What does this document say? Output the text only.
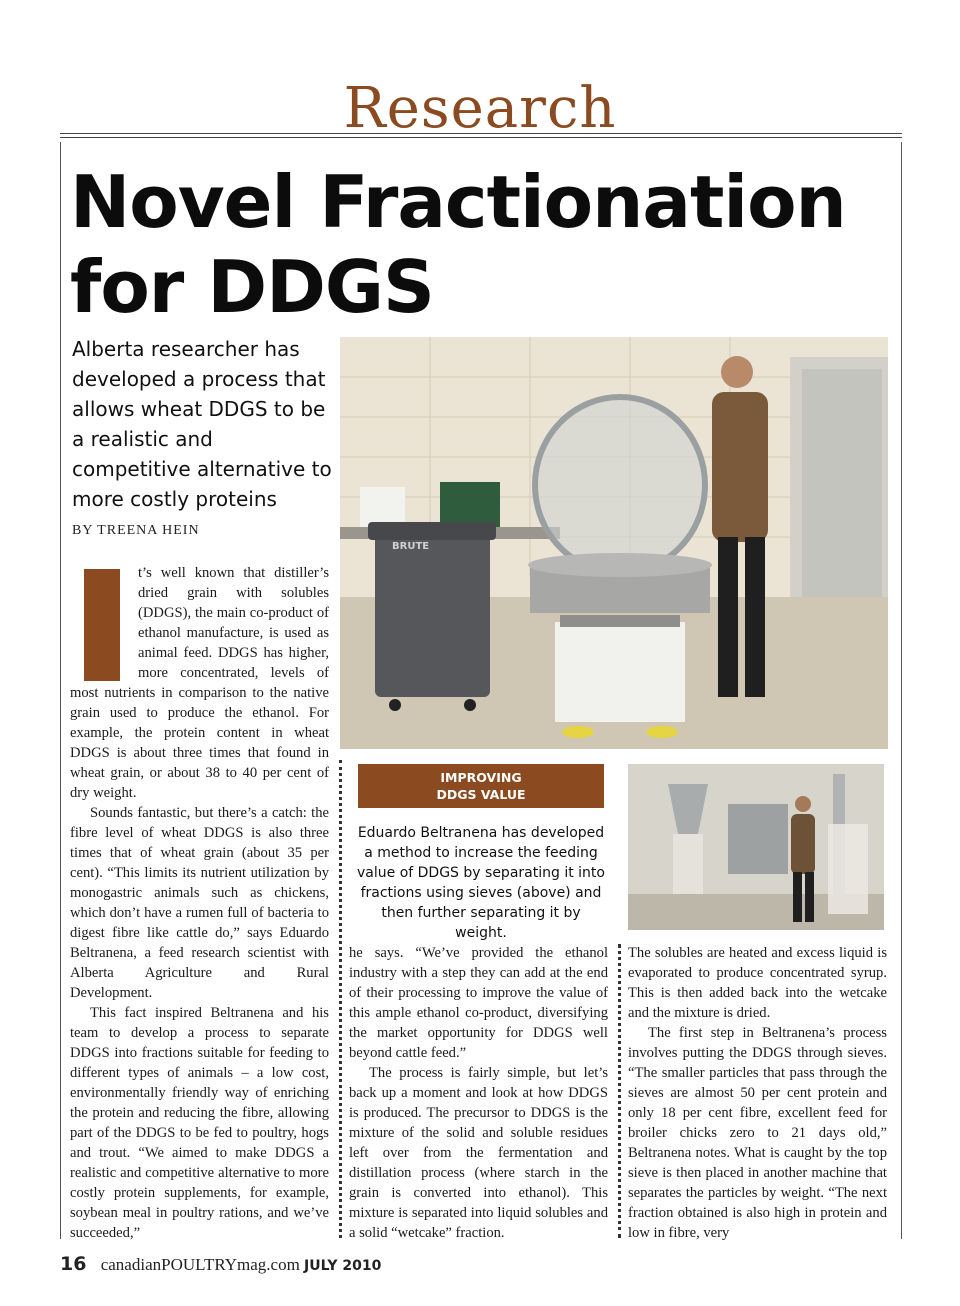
Research
Novel Fractionation for DDGS
Alberta researcher has developed a process that allows wheat DDGS to be a realistic and competitive alternative to more costly proteins
BY TREENA HEIN

t’s well known that distiller’s dried grain with solubles (DDGS), the main co-product of ethanol manufacture, is used as animal feed. DDGS has higher, more concentrated, levels of most nutrients in comparison to the native grain used to produce the ethanol. For example, the protein content in wheat DDGS is about three times that found in wheat grain, or about 38 to 40 per cent of dry weight.

Sounds fantastic, but there’s a catch: the fibre level of wheat DDGS is also three times that of wheat grain (about 35 per cent). “This limits its nutrient utilization by monogastric animals such as chickens, which don’t have a rumen full of bacteria to digest fibre like cattle do,” says Eduardo Beltranena, a feed research scientist with Alberta Agriculture and Rural Development.

This fact inspired Beltranena and his team to develop a process to separate DDGS into fractions suitable for feeding to different types of animals – a low cost, environmentally friendly way of enriching the protein and reducing the fibre, allowing part of the DDGS to be fed to poultry, hogs and trout. “We aimed to make DDGS a realistic and competitive alternative to more costly protein supplements, for example, soybean meal in poultry rations, and we’ve succeeded,”

BRUTE
IMPROVING
DDGS VALUE
Eduardo Beltranena has developed a method to increase the feeding value of DDGS by separating it into fractions using sieves (above) and then further separating it by weight.

he says. “We’ve provided the ethanol industry with a step they can add at the end of their processing to improve the value of this ample ethanol co-product, diversifying the market opportunity for DDGS well beyond cattle feed.”

The process is fairly simple, but let’s back up a moment and look at how DDGS is produced. The precursor to DDGS is the mixture of the solid and soluble residues left over from the fermentation and distillation process (where starch in the grain is converted into ethanol). This mixture is separated into liquid solubles and a solid “wetcake” fraction.

The solubles are heated and excess liquid is evaporated to produce concentrated syrup. This is then added back into the wetcake and the mixture is dried.

The first step in Beltranena’s process involves putting the DDGS through sieves. “The smaller particles that pass through the sieves are almost 50 per cent protein and only 18 per cent fibre, excellent feed for broiler chicks zero to 21 days old,” Beltranena notes. What is caught by the top sieve is then placed in another machine that separates the particles by weight. “The next fraction obtained is also high in protein and low in fibre, very

16 canadianPOULTRYmag.com JULY 2010
